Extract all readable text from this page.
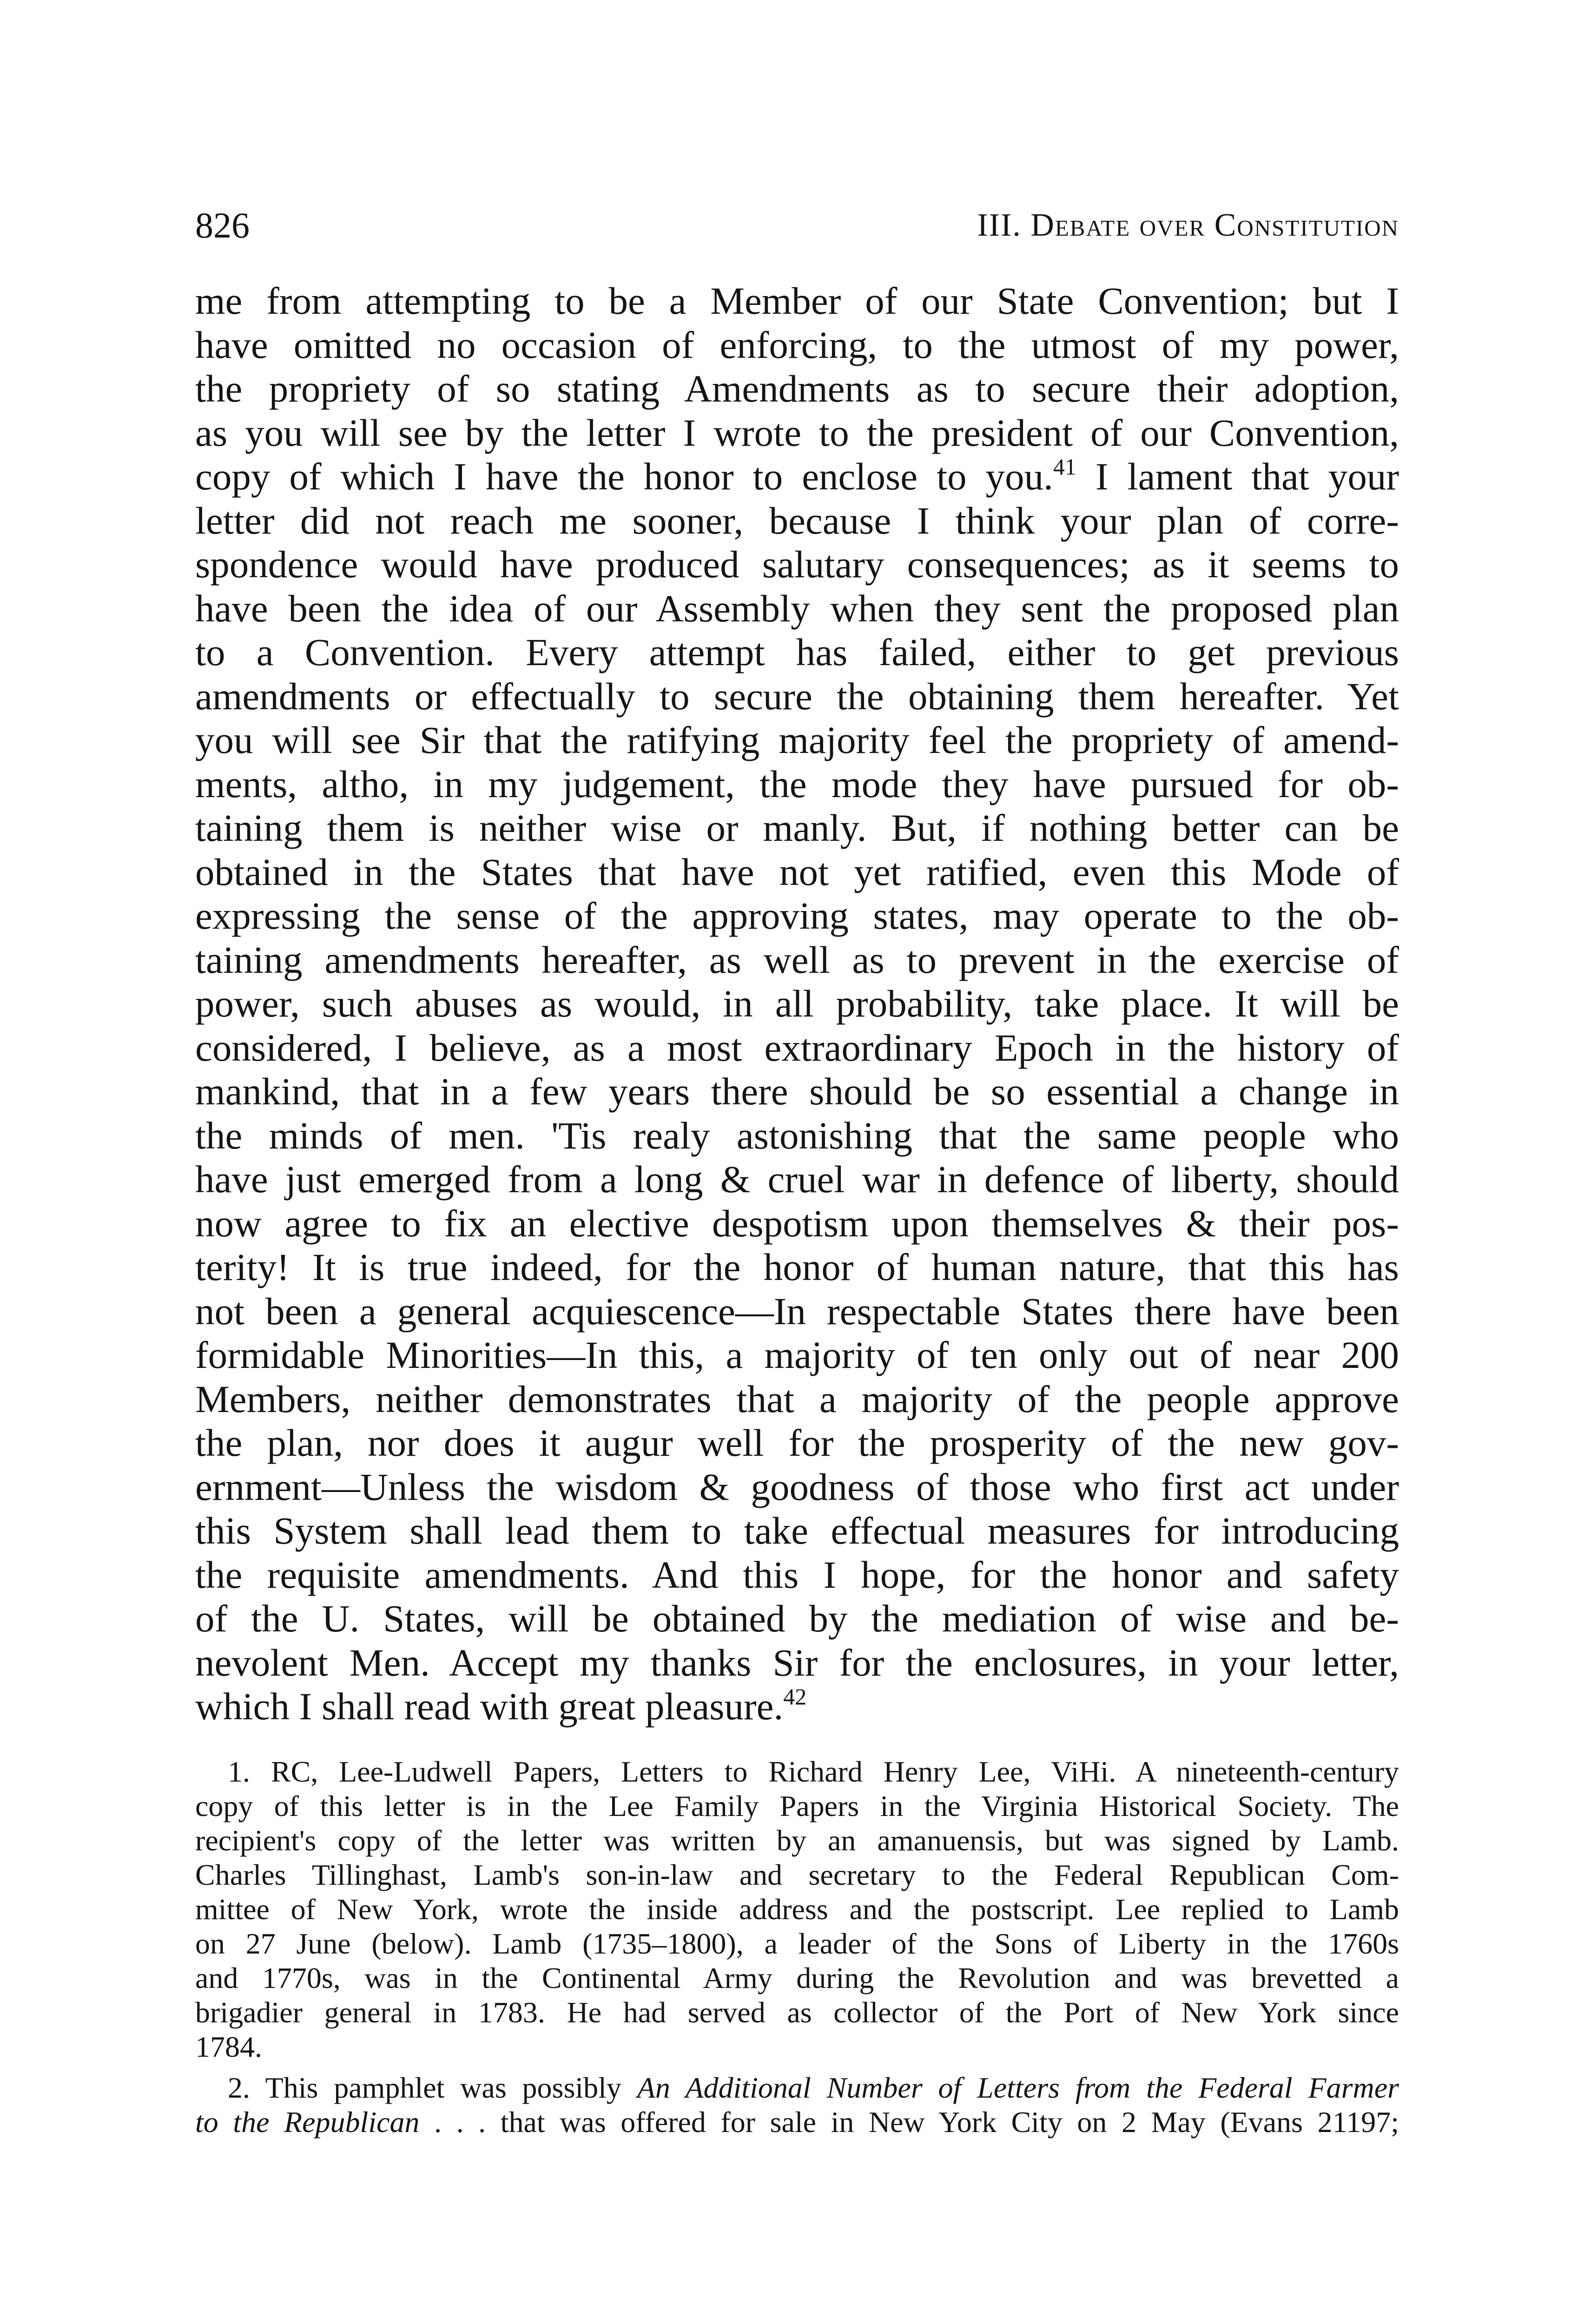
826	III. Debate over Constitution
me from attempting to be a Member of our State Convention; but I
have omitted no occasion of enforcing, to the utmost of my power,
the propriety of so stating Amendments as to secure their adoption,
as you will see by the letter I wrote to the president of our Convention,
copy of which I have the honor to enclose to you.$^{41}$ I lament that your
letter did not reach me sooner, because I think your plan of corre-
spondence would have produced salutary consequences; as it seems to
have been the idea of our Assembly when they sent the proposed plan
to a Convention. Every attempt has failed, either to get previous
amendments or effectually to secure the obtaining them hereafter. Yet
you will see Sir that the ratifying majority feel the propriety of amend-
ments, altho, in my judgement, the mode they have pursued for ob-
taining them is neither wise or manly. But, if nothing better can be
obtained in the States that have not yet ratified, even this Mode of
expressing the sense of the approving states, may operate to the ob-
taining amendments hereafter, as well as to prevent in the exercise of
power, such abuses as would, in all probability, take place. It will be
considered, I believe, as a most extraordinary Epoch in the history of
mankind, that in a few years there should be so essential a change in
the minds of men. 'Tis realy astonishing that the same people who
have just emerged from a long & cruel war in defence of liberty, should
now agree to fix an elective despotism upon themselves & their pos-
terity! It is true indeed, for the honor of human nature, that this has
not been a general acquiescence—In respectable States there have been
formidable Minorities—In this, a majority of ten only out of near 200
Members, neither demonstrates that a majority of the people approve
the plan, nor does it augur well for the prosperity of the new gov-
ernment—Unless the wisdom & goodness of those who first act under
this System shall lead them to take effectual measures for introducing
the requisite amendments. And this I hope, for the honor and safety
of the U. States, will be obtained by the mediation of wise and be-
nevolent Men. Accept my thanks Sir for the enclosures, in your letter,
which I shall read with great pleasure.$^{42}$
1. RC, Lee-Ludwell Papers, Letters to Richard Henry Lee, ViHi. A nineteenth-century
copy of this letter is in the Lee Family Papers in the Virginia Historical Society. The
recipient's copy of the letter was written by an amanuensis, but was signed by Lamb.
Charles Tillinghast, Lamb's son-in-law and secretary to the Federal Republican Com-
mittee of New York, wrote the inside address and the postscript. Lee replied to Lamb
on 27 June (below). Lamb (1735–1800), a leader of the Sons of Liberty in the 1760s
and 1770s, was in the Continental Army during the Revolution and was brevetted a
brigadier general in 1783. He had served as collector of the Port of New York since
1784.
2. This pamphlet was possibly An Additional Number of Letters from the Federal Farmer
to the Republican . . . that was offered for sale in New York City on 2 May (Evans 21197;
